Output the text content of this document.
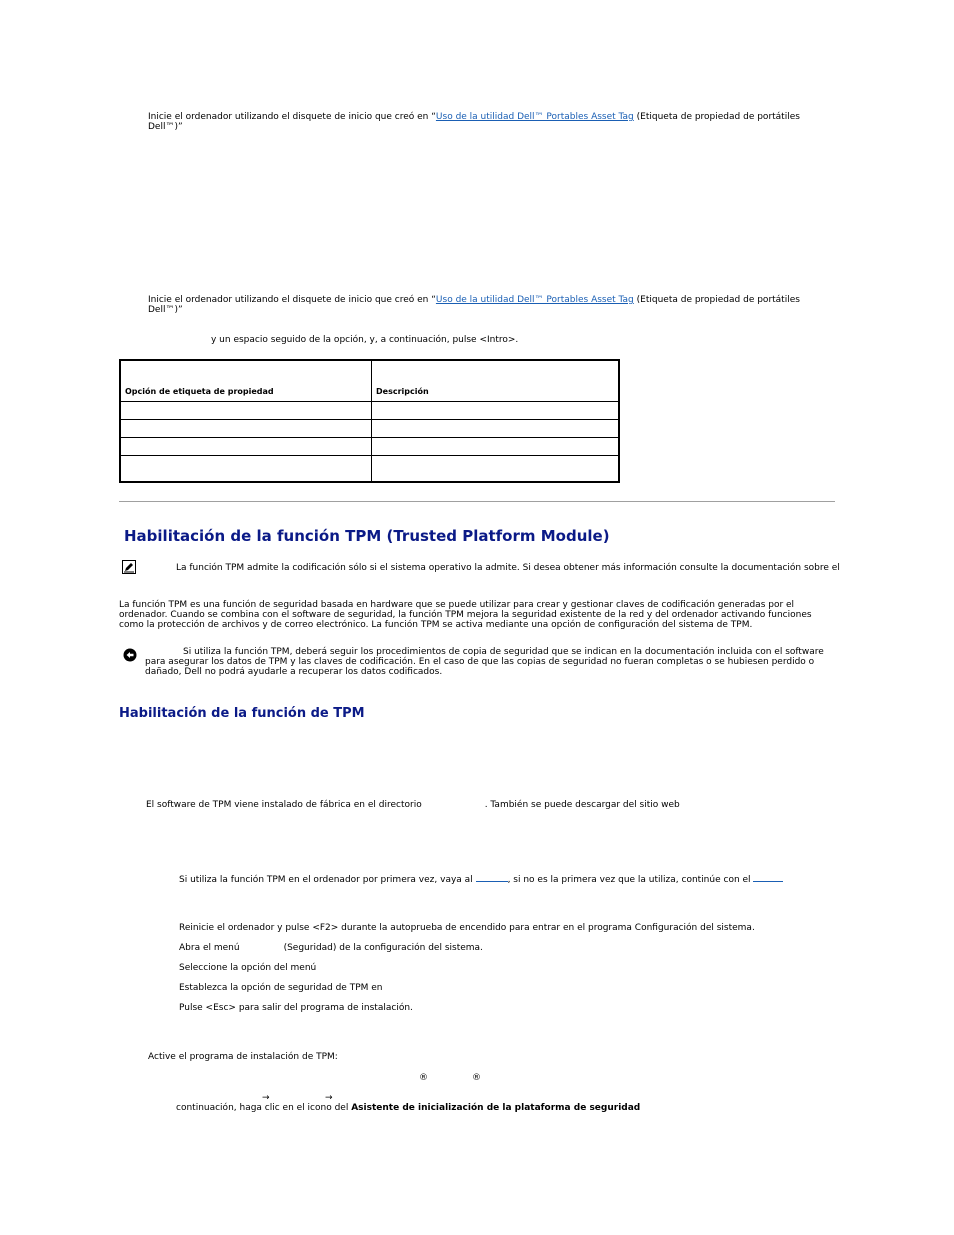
Inicie el ordenador utilizando el disquete de inicio que creó en “Uso de la utilidad Dell™ Portables Asset Tag (Etiqueta de propiedad de portátiles Dell™)”
Inicie el ordenador utilizando el disquete de inicio que creó en “Uso de la utilidad Dell™ Portables Asset Tag (Etiqueta de propiedad de portátiles Dell™)”
y un espacio seguido de la opción, y, a continuación, pulse <Intro>.
Opción de etiqueta de propiedad	Descripción

Habilitación de la función TPM (Trusted Platform Module)
La función TPM admite la codificación sólo si el sistema operativo la admite. Si desea obtener más información consulte la documentación sobre el
La función TPM es una función de seguridad basada en hardware que se puede utilizar para crear y gestionar claves de codificación generadas por el ordenador. Cuando se combina con el software de seguridad, la función TPM mejora la seguridad existente de la red y del ordenador activando funciones como la protección de archivos y de correo electrónico. La función TPM se activa mediante una opción de configuración del sistema de TPM.
Si utiliza la función TPM, deberá seguir los procedimientos de copia de seguridad que se indican en la documentación incluida con el software para asegurar los datos de TPM y las claves de codificación. En el caso de que las copias de seguridad no fueran completas o se hubiesen perdido o dañado, Dell no podrá ayudarle a recuperar los datos codificados.
Habilitación de la función de TPM
El software de TPM viene instalado de fábrica en el directorio	. También se puede descargar del sitio web
Si utiliza la función TPM en el ordenador por primera vez, vaya al	, si no es la primera vez que la utiliza, continúe con el
Reinicie el ordenador y pulse <F2> durante la autoprueba de encendido para entrar en el programa Configuración del sistema.
Abra el menú	(Seguridad) de la configuración del sistema.
Seleccione la opción del menú
Establezca la opción de seguridad de TPM en
Pulse <Esc> para salir del programa de instalación.
Active el programa de instalación de TPM:
®	®
→	→
continuación, haga clic en el icono del Asistente de inicialización de la plataforma de seguridad
